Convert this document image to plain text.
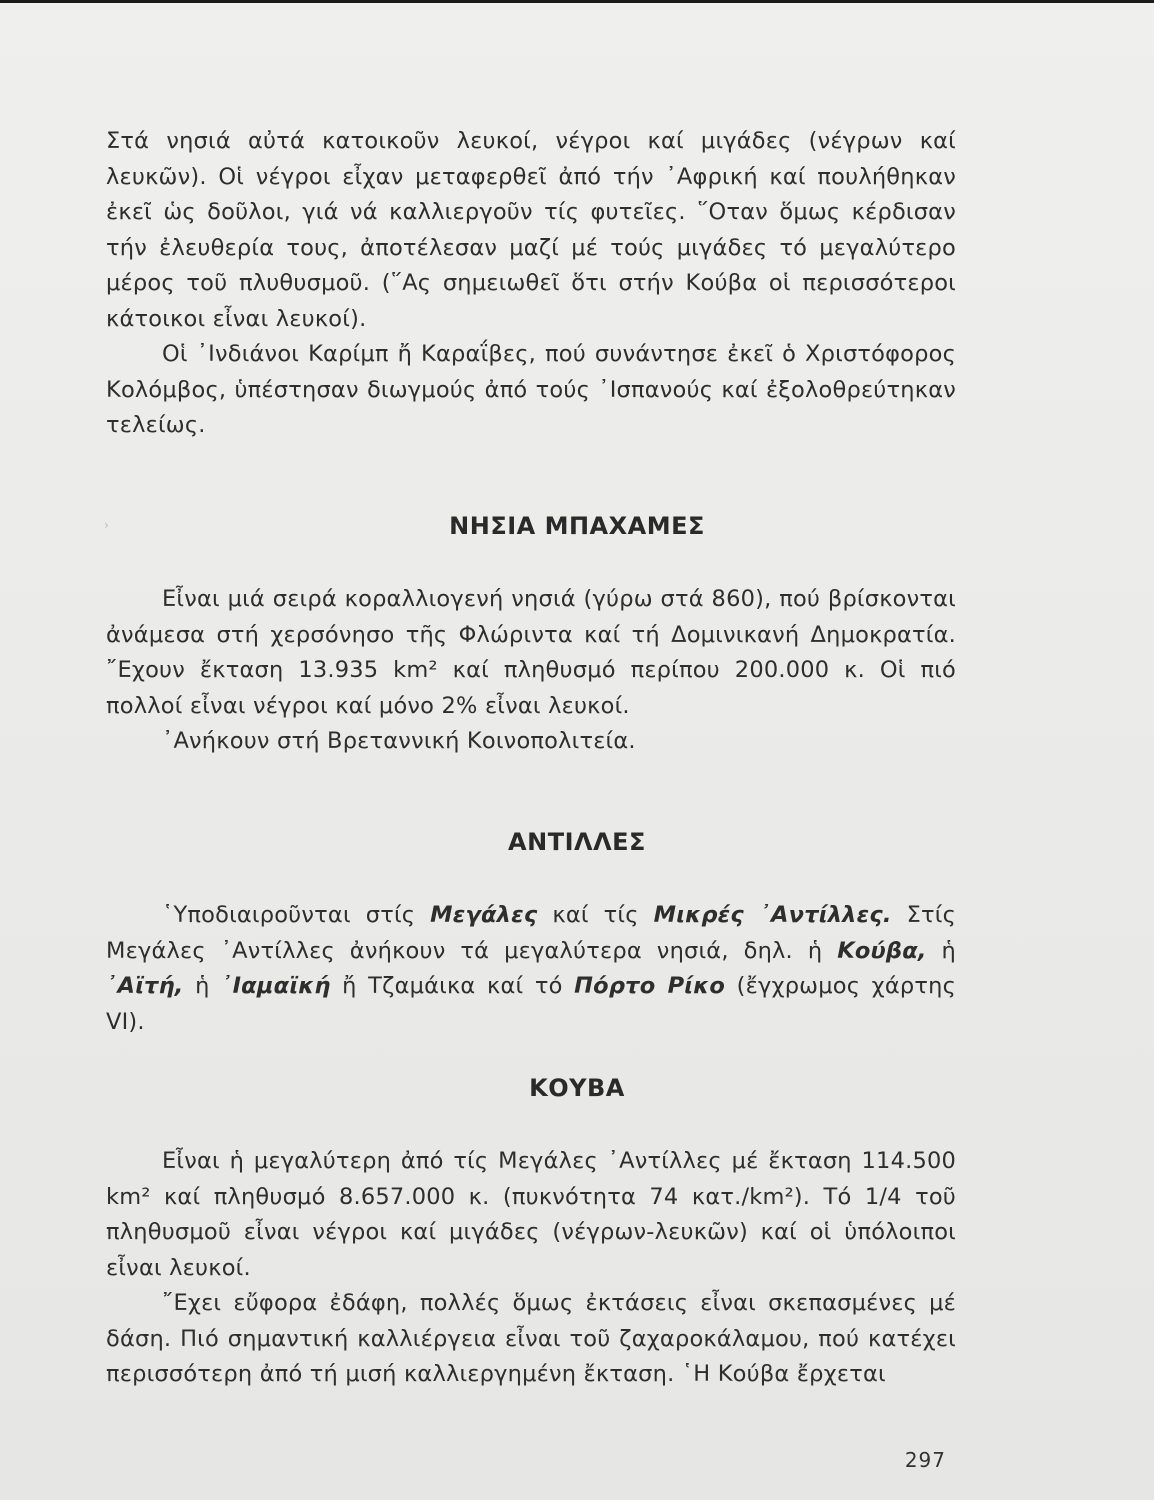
Στά νησιά αὐτά κατοικοῦν λευκοί, νέγροι καί μιγάδες (νέγρων καί λευκῶν). Οἱ νέγροι εἶχαν μεταφερθεῖ ἀπό τήν ᾿Αφρική καί πουλήθηκαν ἐκεῖ ὡς δοῦλοι, γιά νά καλλιεργοῦν τίς φυτεῖες. ῞Οταν ὅμως κέρδισαν τήν ἐλευθερία τους, ἀποτέλεσαν μαζί μέ τούς μιγάδες τό μεγαλύτερο μέρος τοῦ πλυθυσμοῦ. (῞Ας σημειωθεῖ ὅτι στήν Κούβα οἱ περισσότεροι κάτοικοι εἶναι λευκοί).

Οἱ ᾿Ινδιάνοι Καρίμπ ἤ Καραΐβες, πού συνάντησε ἐκεῖ ὁ Χριστόφορος Κολόμβος, ὑπέστησαν διωγμούς ἀπό τούς ᾿Ισπανούς καί ἐξολοθρεύτηκαν τελείως.

›	ΝΗΣΙΑ ΜΠΑΧΑΜΕΣ

Εἶναι μιά σειρά κοραλλιογενή νησιά (γύρω στά 860), πού βρίσκονται ἀνάμεσα στή χερσόνησο τῆς Φλώριντα καί τή Δομινικανή Δημοκρατία. ῎Εχουν ἔκταση 13.935 km² καί πληθυσμό περίπου 200.000 κ. Οἱ πιό πολλοί εἶναι νέγροι καί μόνο 2% εἶναι λευκοί.

᾿Ανήκουν στή Βρεταννική Κοινοπολιτεία.

ΑΝΤΙΛΛΕΣ

῾Υποδιαιροῦνται στίς Μεγάλες καί τίς Μικρές ᾿Αντίλλες. Στίς Μεγάλες ᾿Αντίλλες ἀνήκουν τά μεγαλύτερα νησιά, δηλ. ἡ Κούβα, ἡ ᾿Αϊτή, ἡ ᾿Ιαμαϊκή ἤ Τζαμάικα καί τό Πόρτο Ρίκο (ἔγχρωμος χάρτης VI).

ΚΟΥΒΑ

Εἶναι ἡ μεγαλύτερη ἀπό τίς Μεγάλες ᾿Αντίλλες μέ ἔκταση 114.500 km² καί πληθυσμό 8.657.000 κ. (πυκνότητα 74 κατ./km²). Τό 1/4 τοῦ πληθυσμοῦ εἶναι νέγροι καί μιγάδες (νέγρων-λευκῶν) καί οἱ ὑπόλοιποι εἶναι λευκοί.

῎Εχει εὔφορα ἐδάφη, πολλές ὅμως ἐκτάσεις εἶναι σκεπασμένες μέ δάση. Πιό σημαντική καλλιέργεια εἶναι τοῦ ζαχαροκάλαμου, πού κατέχει περισσότερη ἀπό τή μισή καλλιεργημένη ἔκταση. ῾Η Κούβα ἔρχεται

297
